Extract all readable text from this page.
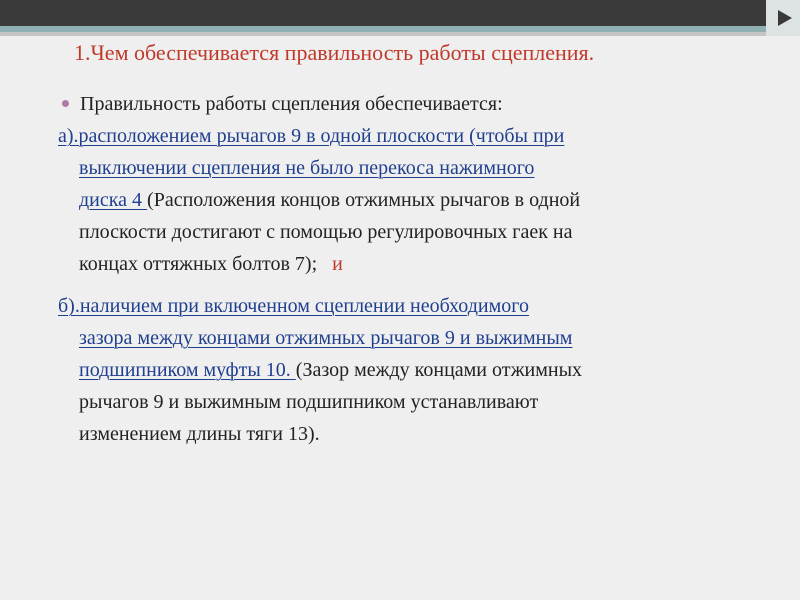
1.Чем обеспечивается правильность работы сцепления.
Правильность работы сцепления обеспечивается:
а).расположением рычагов 9 в одной плоскости (чтобы при
выключении сцепления не было перекоса нажимного
диска 4 (Расположения концов отжимных рычагов в одной
плоскости достигают с помощью регулировочных гаек на
концах оттяжных болтов 7); и
б).наличием при включенном сцеплении необходимого
зазора между концами отжимных рычагов 9 и выжимным
подшипником муфты 10. (Зазор между концами отжимных
рычагов 9 и выжимным подшипником устанавливают
изменением длины тяги 13).
